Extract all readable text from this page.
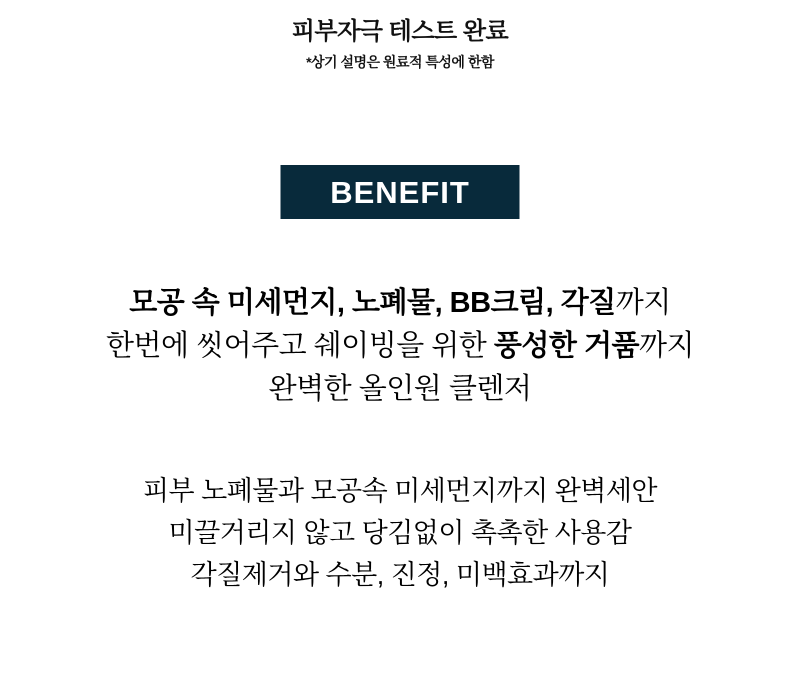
피부자극 테스트 완료

*상기 설명은 원료적 특성에 한함

BENEFIT

모공 속 미세먼지, 노폐물, BB크림, 각질까지

한번에 씻어주고 쉐이빙을 위한 풍성한 거품까지

완벽한 올인원 클렌저

피부 노폐물과 모공속 미세먼지까지 완벽세안

미끌거리지 않고 당김없이 촉촉한 사용감

각질제거와 수분, 진정, 미백효과까지
